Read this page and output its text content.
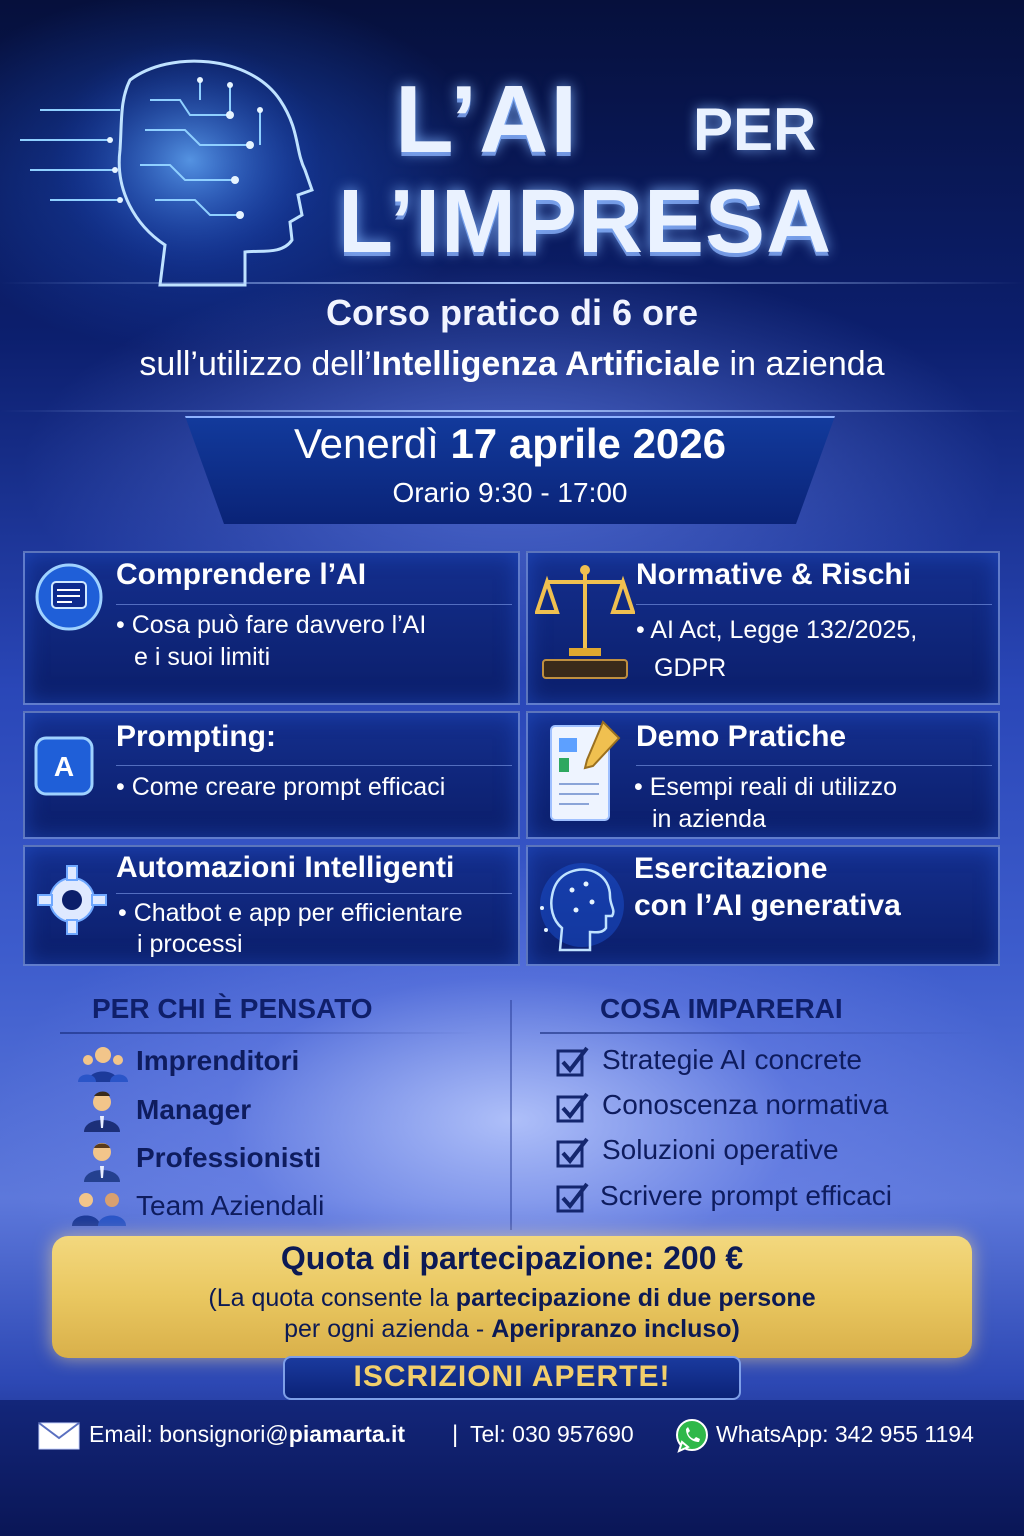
L’AI PER
L’IMPRESA
Corso pratico di 6 ore
sull’utilizzo dell’Intelligenza Artificiale in azienda
Venerdì 17 aprile 2026
Orario 9:30 - 17:00
Comprendere l’AI
• Cosa può fare davvero l’AI
e i suoi limiti
Normative & Rischi
• AI Act, Legge 132/2025,
GDPR
A
Prompting:
• Come creare prompt efficaci
Demo Pratiche
• Esempi reali di utilizzo
in azienda
Automazioni Intelligenti
• Chatbot e app per efficientare
i processi
Esercitazione
con l’AI generativa
PER CHI È PENSATO
Imprenditori
Manager
Professionisti
Team Aziendali
COSA IMPARERAI
Strategie AI concrete
Conoscenza normativa
Soluzioni operative
Scrivere prompt efficaci
Quota di partecipazione: 200 €
(La quota consente la partecipazione di due persone
per ogni azienda - Aperipranzo incluso)
ISCRIZIONI APERTE!
Email: bonsignori@piamarta.it | Tel: 030 957690	WhatsApp: 342 955 1194
